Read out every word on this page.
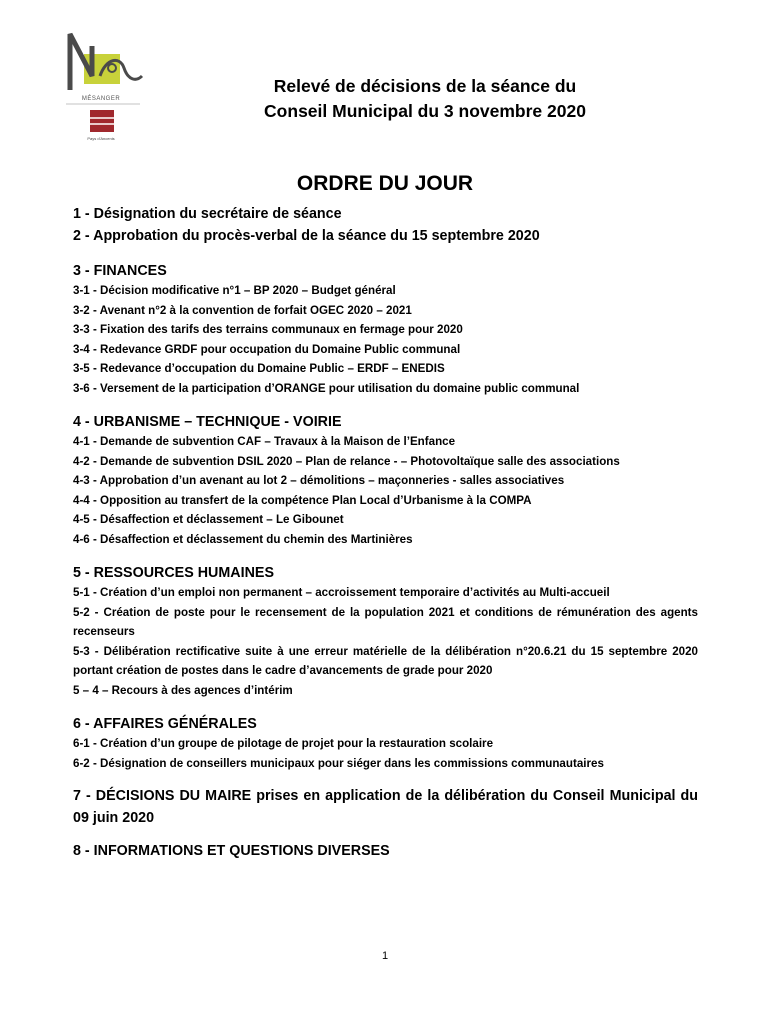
MÉSANGER
Pays d'Ancenis
Relevé de décisions de la séance du
Conseil Municipal du 3 novembre 2020
ORDRE DU JOUR
1 - Désignation du secrétaire de séance
2 - Approbation du procès-verbal de la séance du 15 septembre 2020
3 - FINANCES
3-1 - Décision modificative n°1 – BP 2020 – Budget général
3-2 - Avenant n°2 à la convention de forfait OGEC 2020 – 2021
3-3 - Fixation des tarifs des terrains communaux en fermage pour 2020
3-4 - Redevance GRDF pour occupation du Domaine Public communal
3-5 - Redevance d’occupation du Domaine Public – ERDF – ENEDIS
3-6 - Versement de la participation d’ORANGE pour utilisation du domaine public communal
4 - URBANISME – TECHNIQUE - VOIRIE
4-1 - Demande de subvention CAF – Travaux à la Maison de l’Enfance
4-2 - Demande de subvention DSIL 2020 – Plan de relance - – Photovoltaïque salle des associations
4-3 - Approbation d’un avenant au lot 2 – démolitions – maçonneries - salles associatives
4-4 - Opposition au transfert de la compétence Plan Local d’Urbanisme à la COMPA
4-5 - Désaffection et déclassement – Le Gibounet
4-6 - Désaffection et déclassement du chemin des Martinières
5 - RESSOURCES HUMAINES
5-1 - Création d’un emploi non permanent – accroissement temporaire d’activités au Multi-accueil
5-2 - Création de poste pour le recensement de la population 2021 et conditions de rémunération des agents recenseurs
5-3 - Délibération rectificative suite à une erreur matérielle de la délibération n°20.6.21 du 15 septembre 2020 portant création de postes dans le cadre d’avancements de grade pour 2020
5 – 4 – Recours à des agences d’intérim
6 - AFFAIRES GÉNÉRALES
6-1 - Création d’un groupe de pilotage de projet pour la restauration scolaire
6-2 - Désignation de conseillers municipaux pour siéger dans les commissions communautaires
7 - DÉCISIONS DU MAIRE prises en application de la délibération du Conseil Municipal du 09 juin 2020
8 - INFORMATIONS ET QUESTIONS DIVERSES
1
